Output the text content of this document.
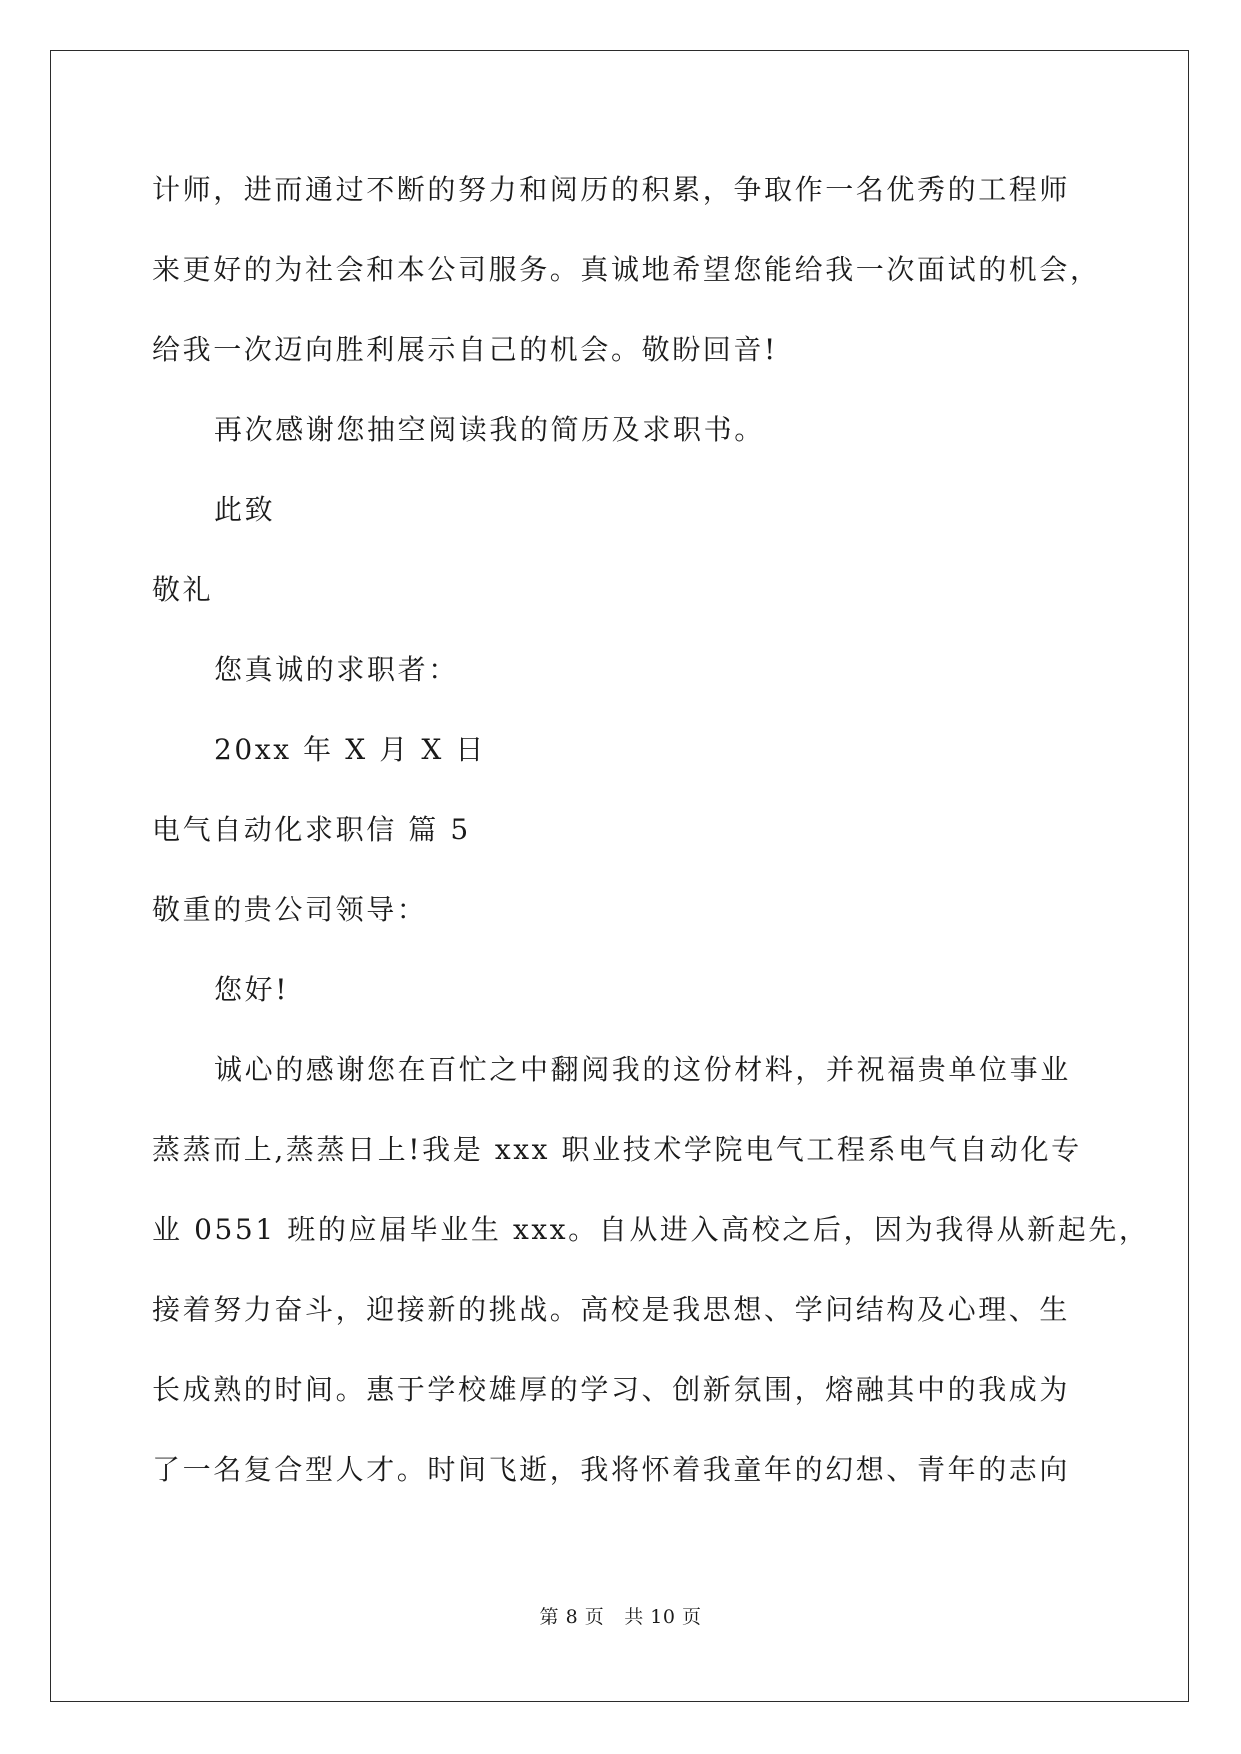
计师，进而通过不断的努力和阅历的积累，争取作一名优秀的工程师
来更好的为社会和本公司服务。真诚地希望您能给我一次面试的机会，
给我一次迈向胜利展示自己的机会。敬盼回音!
再次感谢您抽空阅读我的简历及求职书。
此致
敬礼
您真诚的求职者：
20xx 年 X 月 X 日
电气自动化求职信 篇 5
敬重的贵公司领导：
您好!
诚心的感谢您在百忙之中翻阅我的这份材料，并祝福贵单位事业
蒸蒸而上,蒸蒸日上!我是 xxx 职业技术学院电气工程系电气自动化专
业 0551 班的应届毕业生 xxx。自从进入高校之后，因为我得从新起先，
接着努力奋斗，迎接新的挑战。高校是我思想、学问结构及心理、生
长成熟的时间。惠于学校雄厚的学习、创新氛围，熔融其中的我成为
了一名复合型人才。时间飞逝，我将怀着我童年的幻想、青年的志向
第 8 页 共 10 页
